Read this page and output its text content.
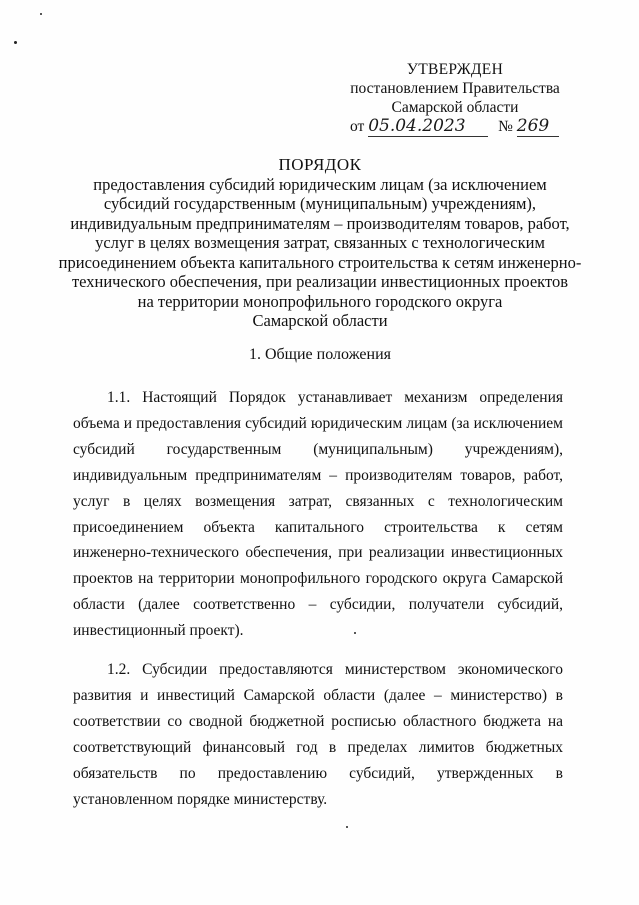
УТВЕРЖДЕН
постановлением Правительства
Самарской области
от 05.04.2023 № 269
ПОРЯДОК
предоставления субсидий юридическим лицам (за исключением
субсидий государственным (муниципальным) учреждениям),
индивидуальным предпринимателям – производителям товаров, работ,
услуг в целях возмещения затрат, связанных с технологическим
присоединением объекта капитального строительства к сетям инженерно-
технического обеспечения, при реализации инвестиционных проектов
на территории монопрофильного городского округа
Самарской области
1. Общие положения

1.1. Настоящий Порядок устанавливает механизм определения объема и предоставления субсидий юридическим лицам (за исключением субсидий государственным (муниципальным) учреждениям), индивидуальным предпринимателям – производителям товаров, работ, услуг в целях возмещения затрат, связанных с технологическим присоединением объекта капитального строительства к сетям инженерно-технического обеспечения, при реализации инвестиционных проектов на территории монопрофильного городского округа Самарской области (далее соответственно – субсидии, получатели субсидий, инвестиционный проект).

1.2. Субсидии предоставляются министерством экономического развития и инвестиций Самарской области (далее – министерство) в соответствии со сводной бюджетной росписью областного бюджета на соответствующий финансовый год в пределах лимитов бюджетных обязательств по предоставлению субсидий, утвержденных в установленном порядке министерству.
